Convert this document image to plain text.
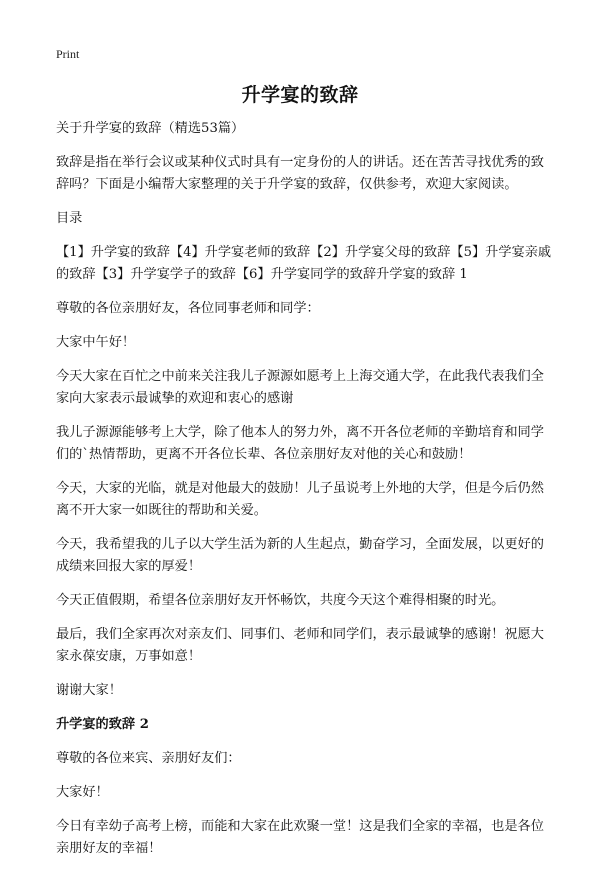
Print
升学宴的致辞

关于升学宴的致辞（精选53篇）

致辞是指在举行会议或某种仪式时具有一定身份的人的讲话。还在苦苦寻找优秀的致辞吗？下面是小编帮大家整理的关于升学宴的致辞，仅供参考，欢迎大家阅读。

目录

【1】升学宴的致辞【4】升学宴老师的致辞【2】升学宴父母的致辞【5】升学宴亲戚的致辞【3】升学宴学子的致辞【6】升学宴同学的致辞升学宴的致辞 1

尊敬的各位亲朋好友，各位同事老师和同学：

大家中午好！

今天大家在百忙之中前来关注我儿子源源如愿考上上海交通大学，在此我代表我们全家向大家表示最诚挚的欢迎和衷心的感谢

我儿子源源能够考上大学，除了他本人的努力外，离不开各位老师的辛勤培育和同学们的`热情帮助，更离不开各位长辈、各位亲朋好友对他的关心和鼓励！

今天，大家的光临，就是对他最大的鼓励！儿子虽说考上外地的大学，但是今后仍然离不开大家一如既往的帮助和关爱。

今天，我希望我的儿子以大学生活为新的人生起点，勤奋学习，全面发展，以更好的成绩来回报大家的厚爱！

今天正值假期，希望各位亲朋好友开怀畅饮，共度今天这个难得相聚的时光。

最后，我们全家再次对亲友们、同事们、老师和同学们，表示最诚挚的感谢！祝愿大家永葆安康，万事如意！

谢谢大家！

升学宴的致辞 2

尊敬的各位来宾、亲朋好友们：

大家好！

今日有幸幼子高考上榜，而能和大家在此欢聚一堂！这是我们全家的幸福，也是各位亲朋好友的幸福！
